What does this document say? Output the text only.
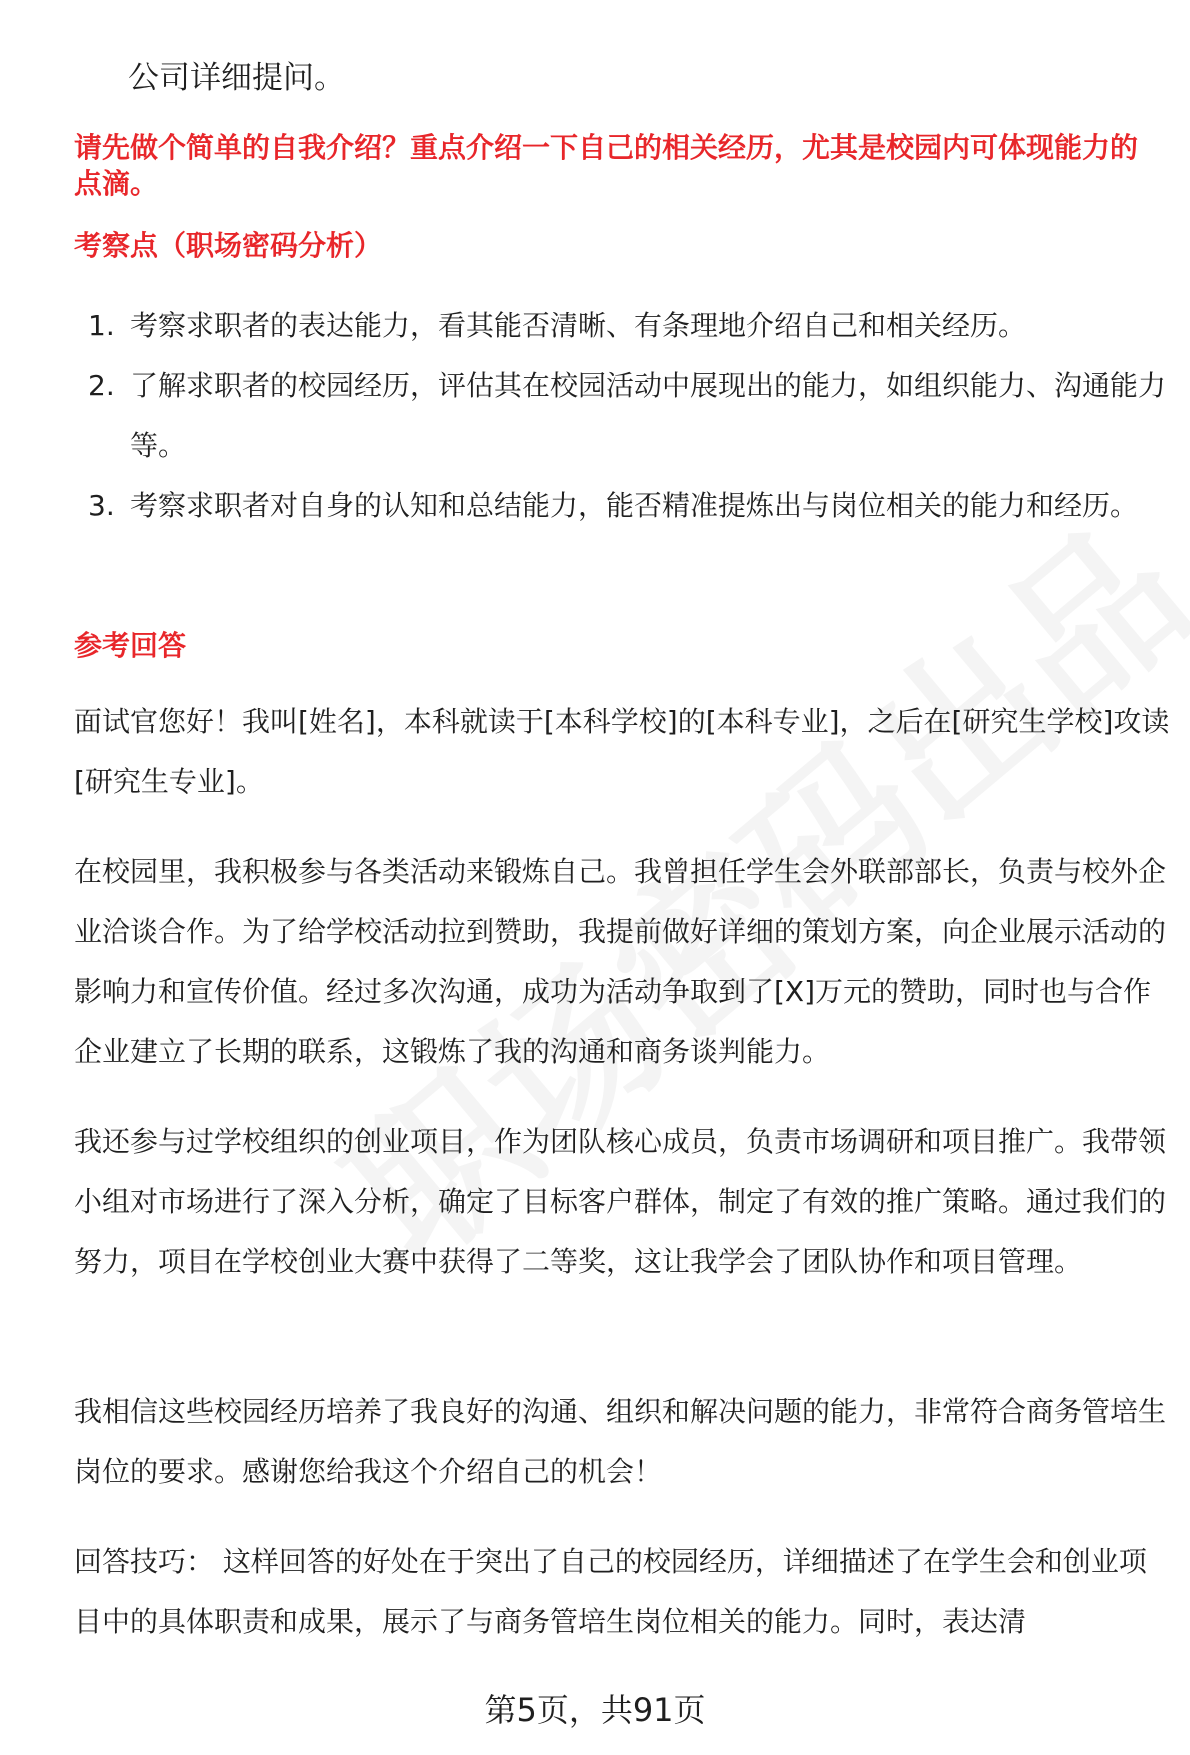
公司详细提问。
请先做个简单的自我介绍？重点介绍一下自己的相关经历，尤其是校园内可体现能力的点滴。
考察点（职场密码分析）
1. 考察求职者的表达能力，看其能否清晰、有条理地介绍自己和相关经历。
2. 了解求职者的校园经历，评估其在校园活动中展现出的能力，如组织能力、沟通能力等。
3. 考察求职者对自身的认知和总结能力，能否精准提炼出与岗位相关的能力和经历。
参考回答

面试官您好！我叫[姓名]，本科就读于[本科学校]的[本科专业]，之后在[研究生学校]攻读[研究生专业]。

在校园里，我积极参与各类活动来锻炼自己。我曾担任学生会外联部部长，负责与校外企业洽谈合作。为了给学校活动拉到赞助，我提前做好详细的策划方案，向企业展示活动的影响力和宣传价值。经过多次沟通，成功为活动争取到了[X]万元的赞助，同时也与合作企业建立了长期的联系，这锻炼了我的沟通和商务谈判能力。

我还参与过学校组织的创业项目，作为团队核心成员，负责市场调研和项目推广。我带领小组对市场进行了深入分析，确定了目标客户群体，制定了有效的推广策略。通过我们的努力，项目在学校创业大赛中获得了二等奖，这让我学会了团队协作和项目管理。

我相信这些校园经历培养了我良好的沟通、组织和解决问题的能力，非常符合商务管培生岗位的要求。感谢您给我这个介绍自己的机会！

回答技巧： 这样回答的好处在于突出了自己的校园经历，详细描述了在学生会和创业项目中的具体职责和成果，展示了与商务管培生岗位相关的能力。同时，表达清

第5页，共91页
